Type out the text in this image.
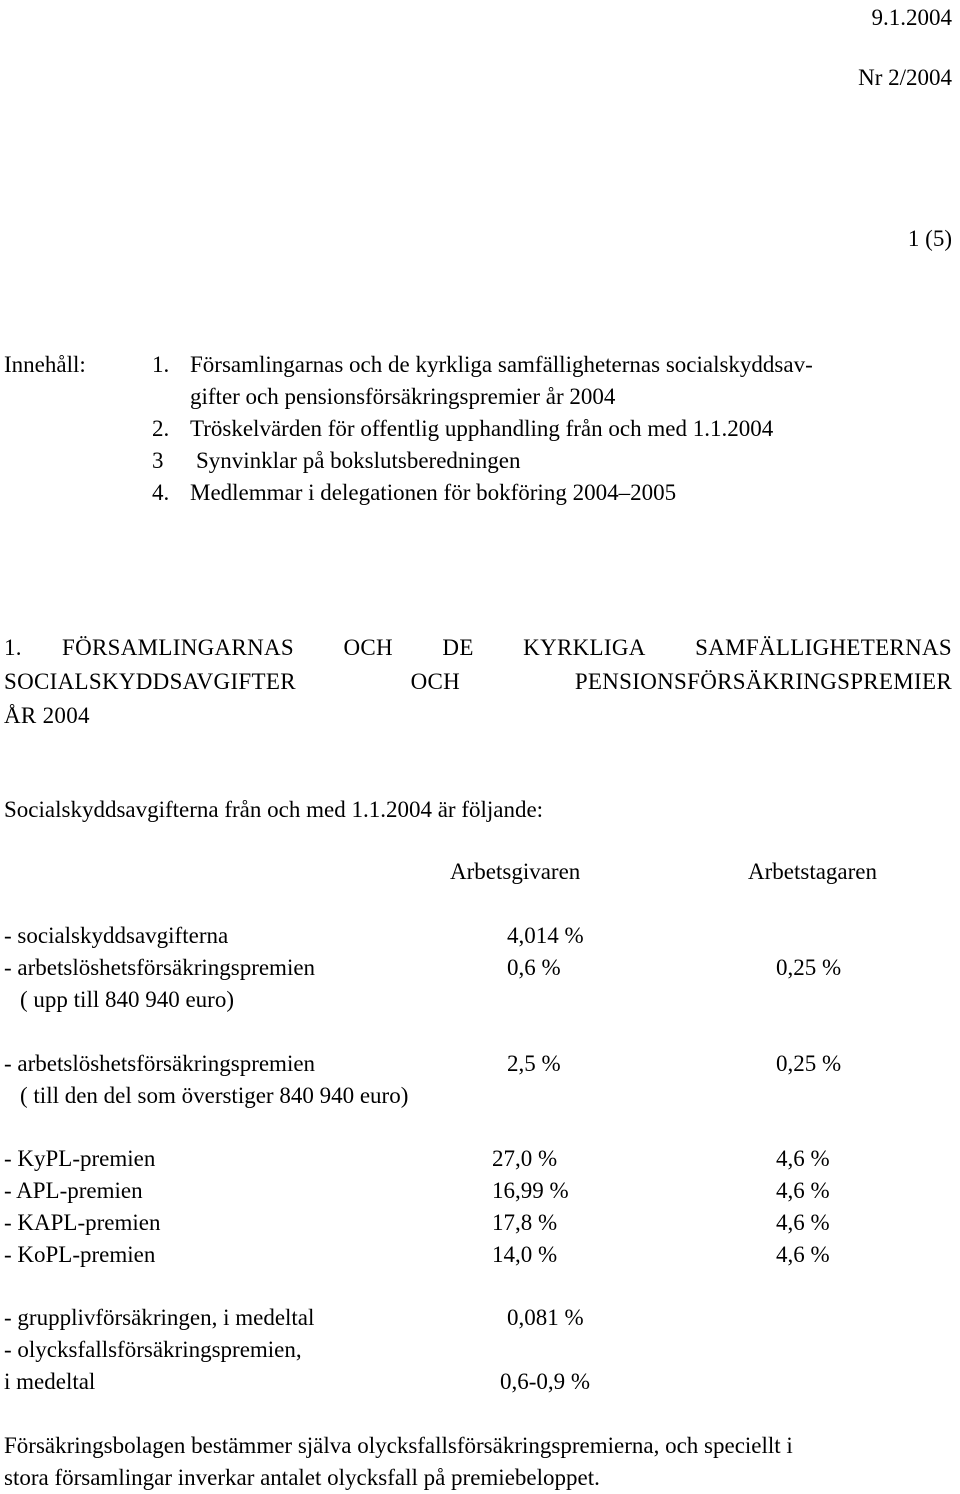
9.1.2004
Nr 2/2004
1 (5)
Innehåll:	1. Församlingarnas och de kyrkliga samfälligheternas socialskyddsav-
gifter och pensionsförsäkringspremier år 2004
2. Tröskelvärden för offentlig upphandling från och med 1.1.2004
3 Synvinklar på bokslutsberedningen
4. Medlemmar i delegationen för bokföring 2004–2005
1. FÖRSAMLINGARNAS OCH DE KYRKLIGA SAMFÄLLIGHETERNAS
SOCIALSKYDDSAVGIFTER	OCH	PENSIONSFÖRSÄKRINGSPREMIER
ÅR 2004
Socialskyddsavgifterna från och med 1.1.2004 är följande:
Arbetsgivaren	Arbetstagaren
- socialskyddsavgifterna	4,014 %
- arbetslöshetsförsäkringspremien	0,6 %	0,25 %
( upp till 840 940 euro)
- arbetslöshetsförsäkringspremien	2,5 %	0,25 %
( till den del som överstiger 840 940 euro)
- KyPL-premien	27,0 %	4,6 %
- APL-premien	16,99 %	4,6 %
- KAPL-premien	17,8 %	4,6 %
- KoPL-premien	14,0 %	4,6 %
- grupplivförsäkringen, i medeltal	0,081 %
- olycksfallsförsäkringspremien,
i medeltal	0,6-0,9 %
Försäkringsbolagen bestämmer själva olycksfallsförsäkringspremierna, och speciellt i
stora församlingar inverkar antalet olycksfall på premiebeloppet.
